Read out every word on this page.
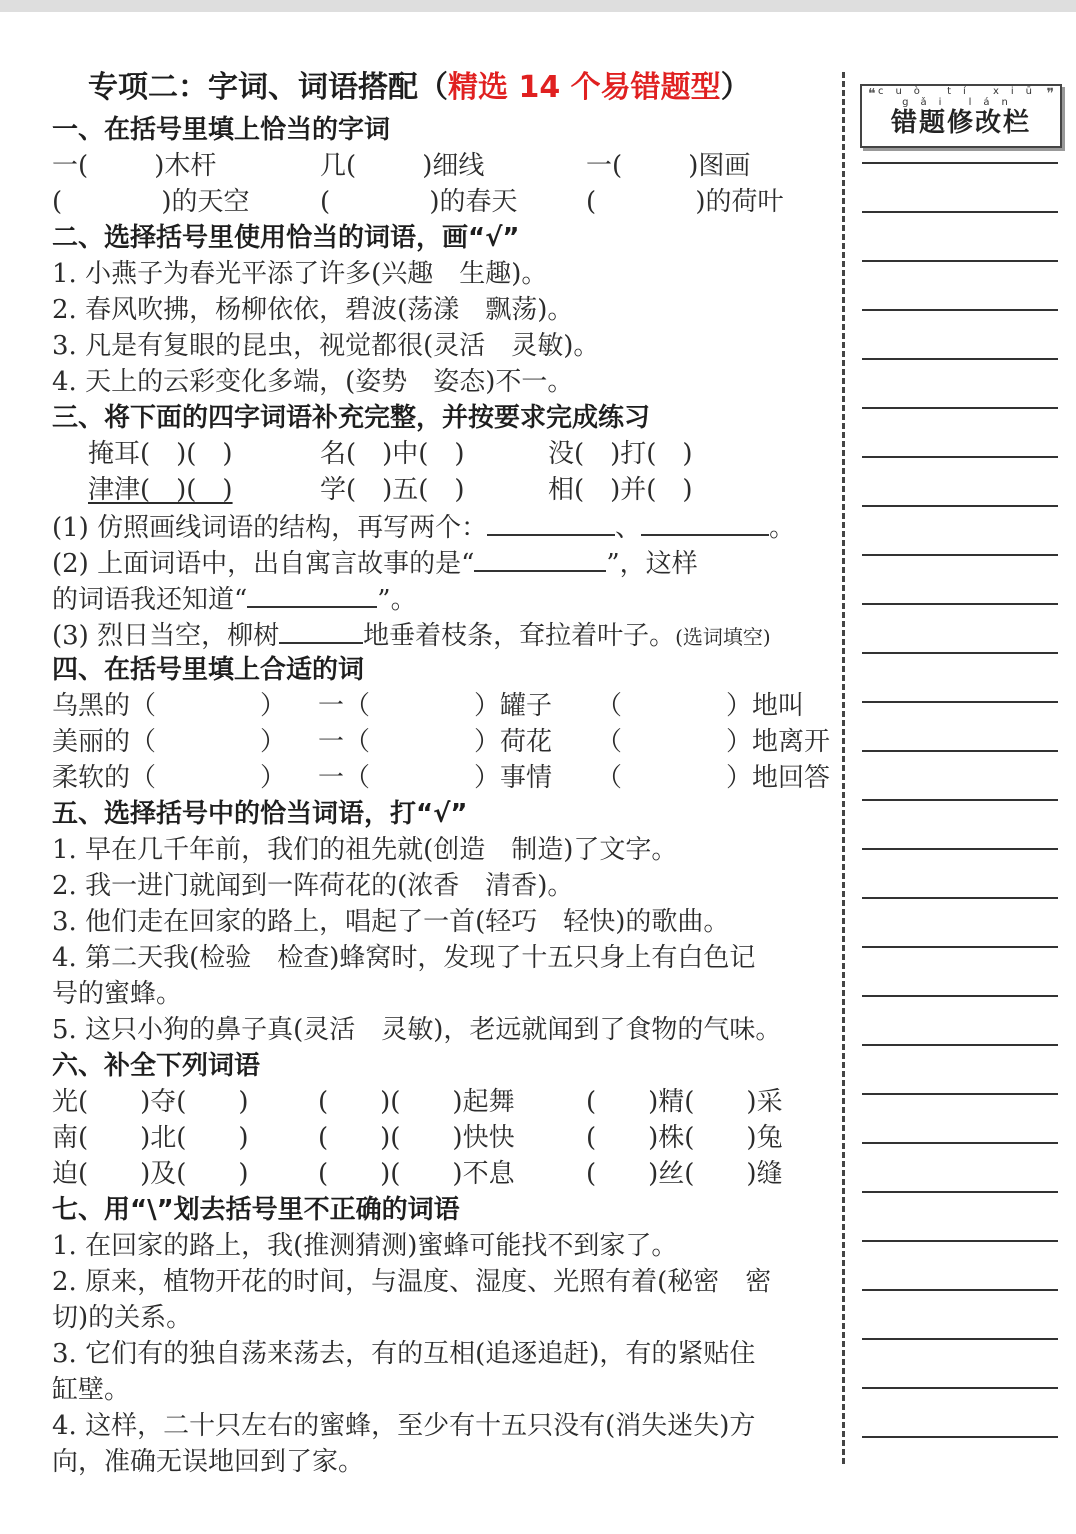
专项二：字词、词语搭配（精选 14 个易错题型）
一、在括号里填上恰当的字词
一(        )木杆	几(        )细线	一(        )图画
(            )的天空	(            )的春天	(            )的荷叶
二、选择括号里使用恰当的词语，画“√”
1. 小燕子为春光平添了许多(兴趣　生趣)。
2. 春风吹拂，杨柳依依，碧波(荡漾　飘荡)。
3. 凡是有复眼的昆虫，视觉都很(灵活　灵敏)。
4. 天上的云彩变化多端，(姿势　姿态)不一。
三、将下面的四字词语补充完整，并按要求完成练习
掩耳(　)(　)	名(　)中(　)	没(　)打(　)
津津(　)(　)	学(　)五(　)	相(　)并(　)
(1) 仿照画线词语的结构，再写两个：	、	。
(2) 上面词语中，出自寓言故事的是“	”，这样
的词语我还知道“	”。
(3) 烈日当空，柳树	地垂着枝条，耷拉着叶子。(选词填空)
四、在括号里填上合适的词
乌黑的（　　　　） 一（　　　　）罐子 （　　　　）地叫
美丽的（　　　　） 一（　　　　）荷花 （　　　　）地离开
柔软的（　　　　） 一（　　　　）事情 （　　　　）地回答
五、选择括号中的恰当词语，打“√”
1. 早在几千年前，我们的祖先就(创造　制造)了文字。
2. 我一进门就闻到一阵荷花的(浓香　清香)。
3. 他们走在回家的路上，唱起了一首(轻巧　轻快)的歌曲。
4. 第二天我(检验　检查)蜂窝时，发现了十五只身上有白色记
号的蜜蜂。
5. 这只小狗的鼻子真(灵活　灵敏)，老远就闻到了食物的气味。
六、补全下列词语
光(　　)夺(　　)	(　　)(　　)起舞	(　　)精(　　)采
南(　　)北(　　)	(　　)(　　)快快	(　　)株(　　)兔
迫(　　)及(　　)	(　　)(　　)不息	(　　)丝(　　)缝
七、用“\”划去括号里不正确的词语
1. 在回家的路上，我(推测猜测)蜜蜂可能找不到家了。
2. 原来，植物开花的时间，与温度、湿度、光照有着(秘密　密
切)的关系。
3. 它们有的独自荡来荡去，有的互相(追逐追赶)，有的紧贴住
缸壁。
4. 这样，二十只左右的蜜蜂，至少有十五只没有(消失迷失)方
向，准确无误地回到了家。
❝	❞
cuò tí xiū gǎi lán
错题修改栏
